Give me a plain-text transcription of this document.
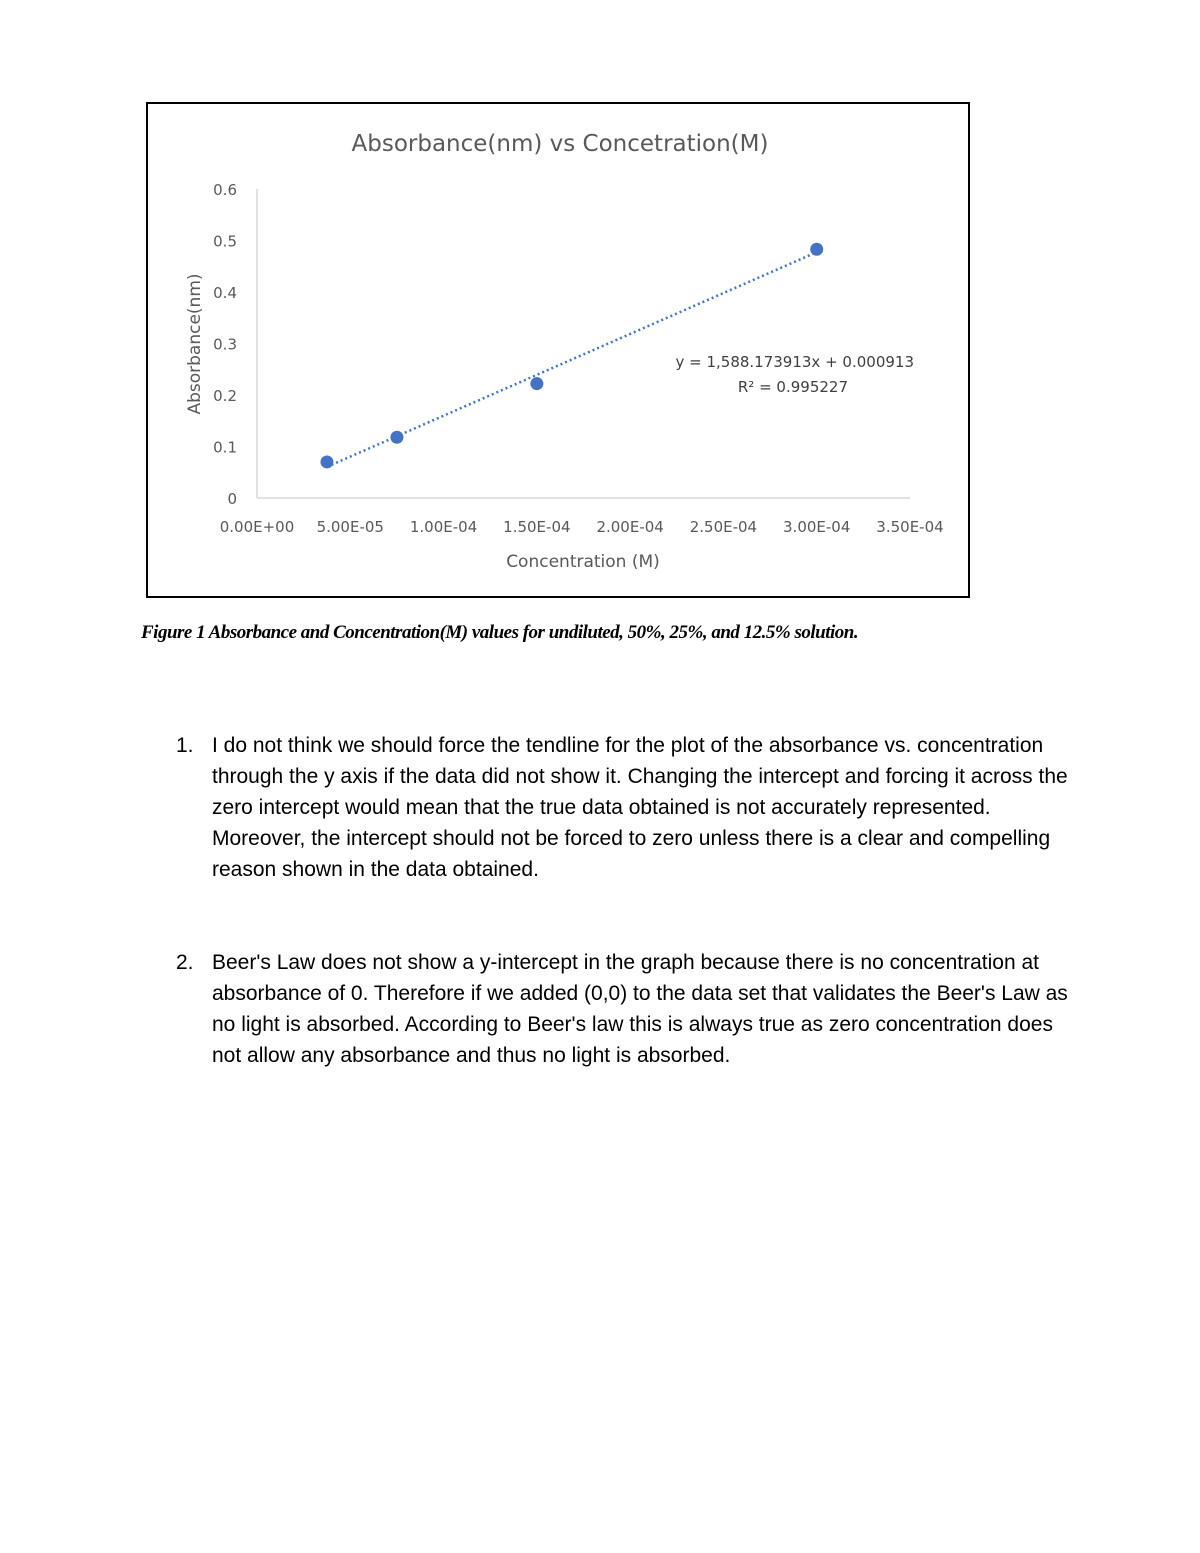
Absorbance(nm) vs Concetration(M)
0
0.1
0.2
0.3
0.4
0.5
0.6
0.00E+00 5.00E-05 1.00E-04 1.50E-04 2.00E-04 2.50E-04 3.00E-04 3.50E-04
y = 1,588.173913x + 0.000913
R² = 0.995227
Concentration (M)
Absorbance(nm)
Figure 1 Absorbance and Concentration(M) values for undiluted, 50%, 25%, and 12.5% solution.
1. I do not think we should force the tendline for the plot of the absorbance vs. concentration through the y axis if the data did not show it. Changing the intercept and forcing it across the zero intercept would mean that the true data obtained is not accurately represented. Moreover, the intercept should not be forced to zero unless there is a clear and compelling reason shown in the data obtained.
2. Beer's Law does not show a y-intercept in the graph because there is no concentration at absorbance of 0. Therefore if we added (0,0) to the data set that validates the Beer's Law as no light is absorbed. According to Beer's law this is always true as zero concentration does not allow any absorbance and thus no light is absorbed.
